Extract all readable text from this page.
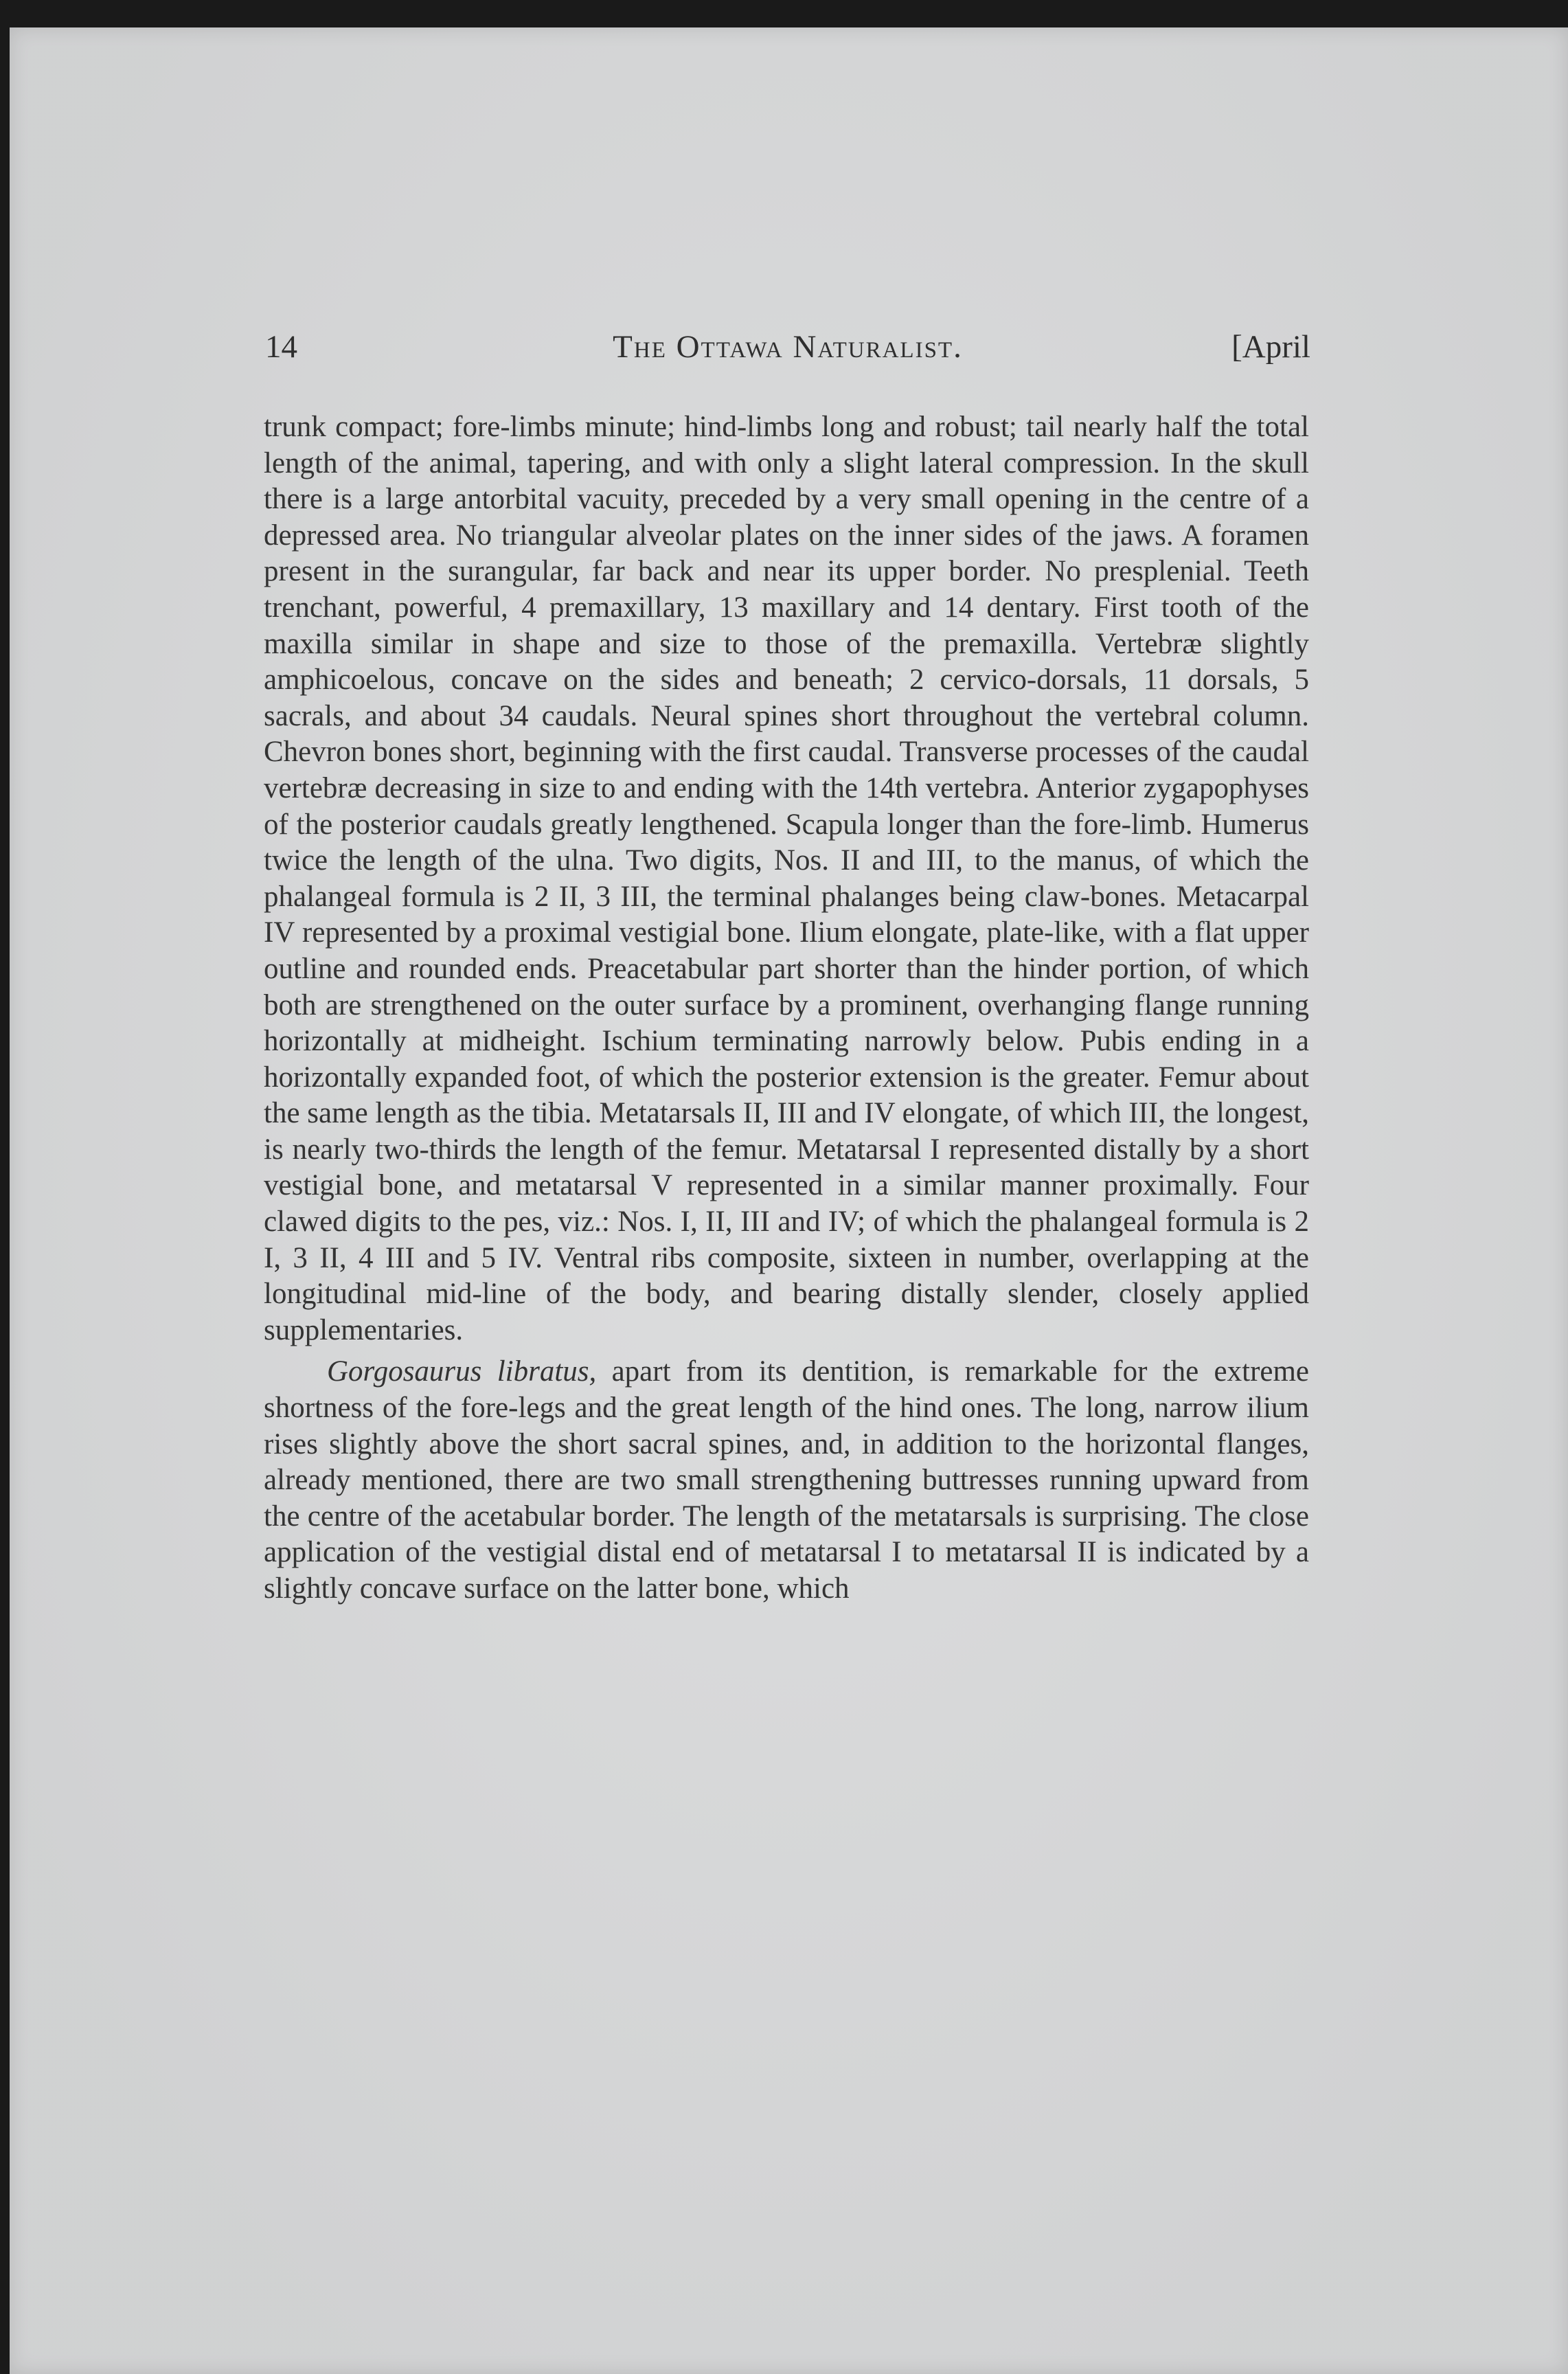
14	The Ottawa Naturalist.	[April

trunk compact; fore-limbs minute; hind-limbs long and robust; tail nearly half the total length of the animal, tapering, and with only a slight lateral compression. In the skull there is a large antorbital vacuity, preceded by a very small opening in the centre of a depressed area. No triangular alveolar plates on the inner sides of the jaws. A foramen present in the surangular, far back and near its upper border. No presplenial. Teeth trenchant, powerful, 4 premaxillary, 13 maxillary and 14 dentary. First tooth of the maxilla similar in shape and size to those of the premaxilla. Vertebræ slightly amphicoelous, concave on the sides and beneath; 2 cervico-dorsals, 11 dorsals, 5 sacrals, and about 34 caudals. Neural spines short throughout the vertebral column. Chevron bones short, beginning with the first caudal. Transverse processes of the caudal vertebræ decreasing in size to and ending with the 14th vertebra. Anterior zygapophyses of the posterior caudals greatly lengthened. Scapula longer than the fore-limb. Humerus twice the length of the ulna. Two digits, Nos. II and III, to the manus, of which the phalangeal formula is 2 II, 3 III, the terminal phalanges being claw-bones. Metacarpal IV represented by a proximal vestigial bone. Ilium elongate, plate-like, with a flat upper outline and rounded ends. Preacetabular part shorter than the hinder portion, of which both are strengthened on the outer surface by a prominent, overhanging flange running horizontally at midheight. Ischium terminating narrowly below. Pubis ending in a horizontally expanded foot, of which the posterior extension is the greater. Femur about the same length as the tibia. Metatarsals II, III and IV elongate, of which III, the longest, is nearly two-thirds the length of the femur. Metatarsal I represented distally by a short vestigial bone, and metatarsal V represented in a similar manner proximally. Four clawed digits to the pes, viz.: Nos. I, II, III and IV; of which the phalangeal formula is 2 I, 3 II, 4 III and 5 IV. Ventral ribs composite, sixteen in number, overlapping at the longitudinal mid-line of the body, and bearing distally slender, closely applied supplementaries.

Gorgosaurus libratus, apart from its dentition, is remarkable for the extreme shortness of the fore-legs and the great length of the hind ones. The long, narrow ilium rises slightly above the short sacral spines, and, in addition to the horizontal flanges, already mentioned, there are two small strengthening buttresses running upward from the centre of the acetabular border. The length of the metatarsals is surprising. The close application of the vestigial distal end of metatarsal I to metatarsal II is indicated by a slightly concave surface on the latter bone, which
